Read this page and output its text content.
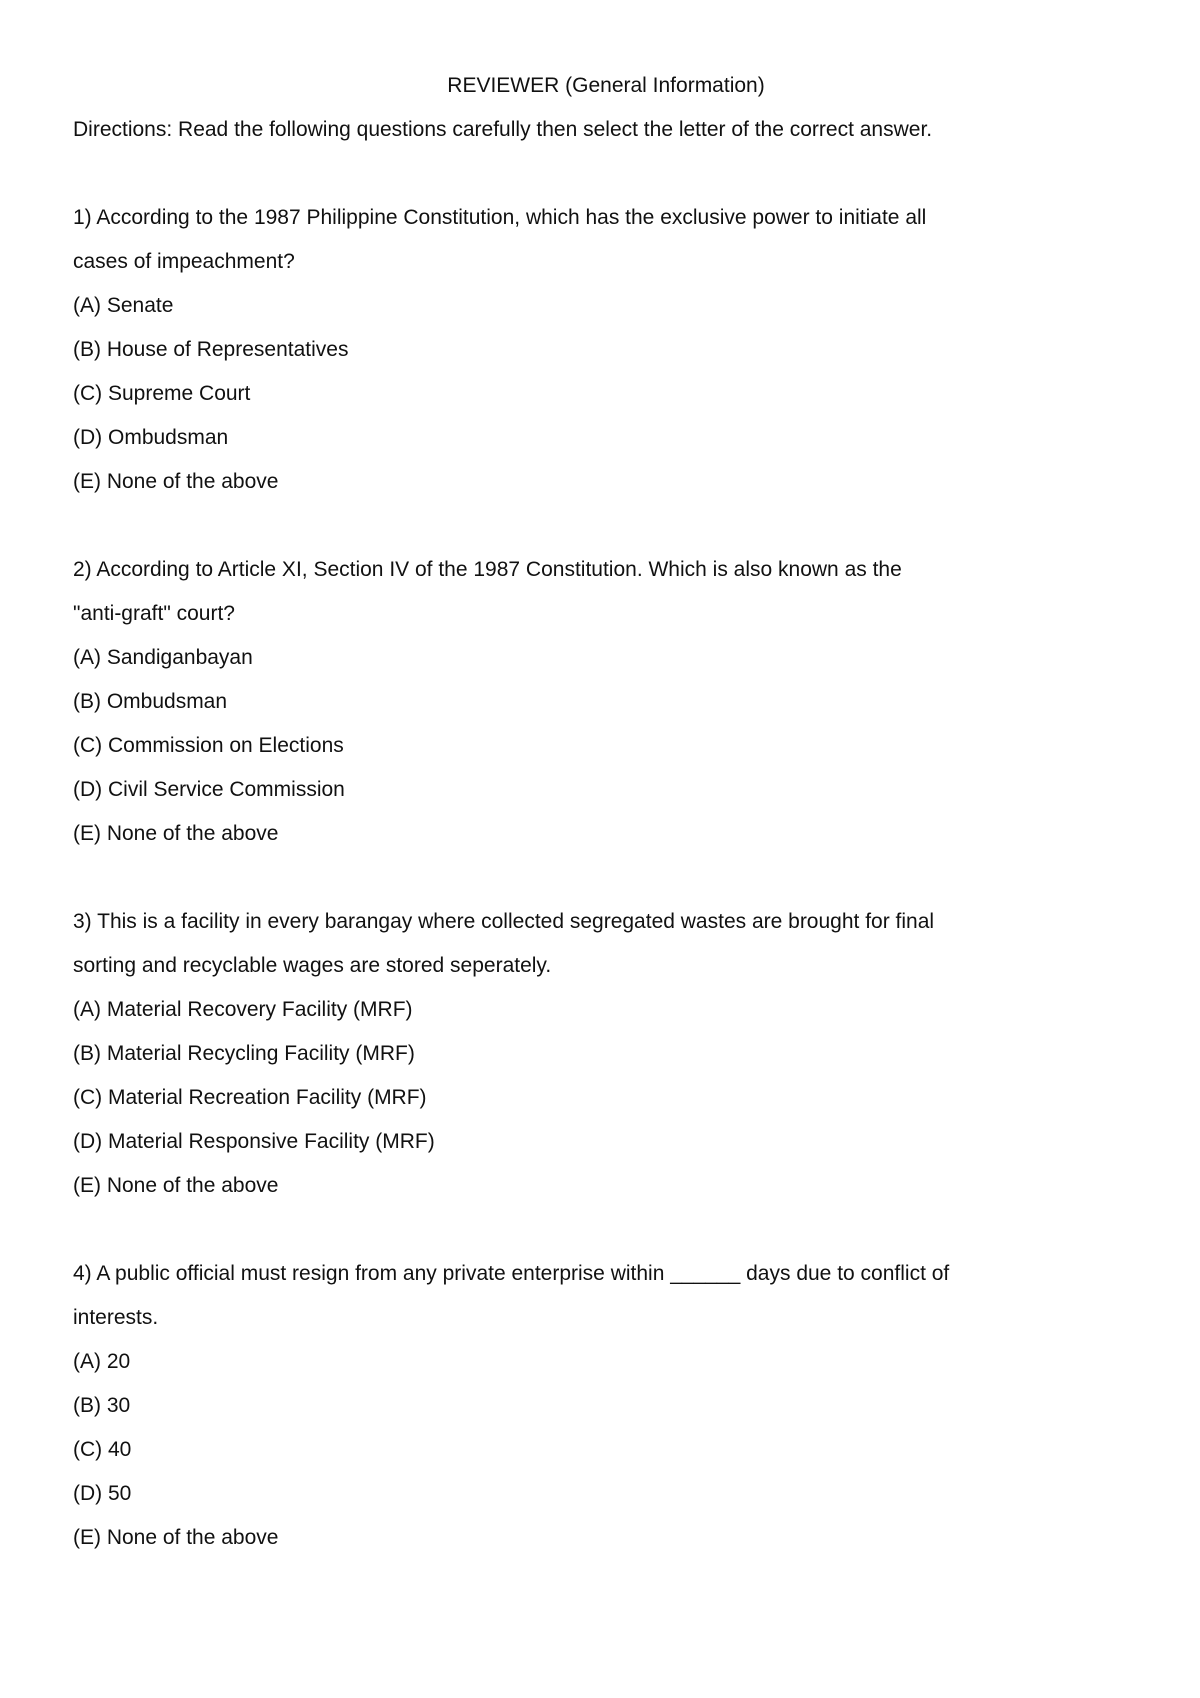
REVIEWER (General Information)

Directions: Read the following questions carefully then select the letter of the correct answer.

1) According to the 1987 Philippine Constitution, which has the exclusive power to initiate all
cases of impeachment?

(A) Senate
(B) House of Representatives
(C) Supreme Court
(D) Ombudsman
(E) None of the above

2) According to Article XI, Section IV of the 1987 Constitution. Which is also known as the
"anti-graft" court?

(A) Sandiganbayan
(B) Ombudsman
(C) Commission on Elections
(D) Civil Service Commission
(E) None of the above

3) This is a facility in every barangay where collected segregated wastes are brought for final
sorting and recyclable wages are stored seperately.

(A) Material Recovery Facility (MRF)
(B) Material Recycling Facility (MRF)
(C) Material Recreation Facility (MRF)
(D) Material Responsive Facility (MRF)
(E) None of the above

4) A public official must resign from any private enterprise within ______ days due to conflict of
interests.

(A) 20
(B) 30
(C) 40
(D) 50
(E) None of the above
